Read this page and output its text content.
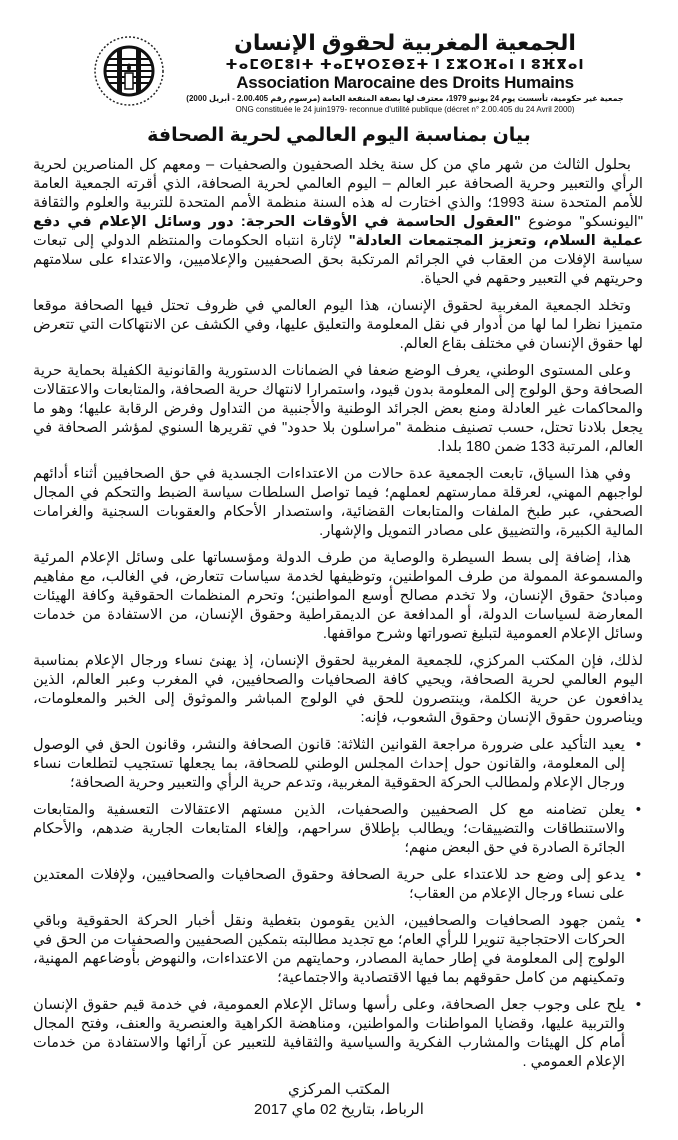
الجمعية المغربية لحقوق الإنسان
ⵜⴰⵎⵙⵎⵓⵏⵜ ⵜⴰⵎⵖⵔⵉⴱⵉⵜ ⵏ ⵉⵣⵔⴼⴰⵏ ⵏ ⵓⴼⴳⴰⵏ
Association Marocaine des Droits Humains
جمعية غير حكومية، تأسست يوم 24 يونيو 1979، معترف لها بصفة المنفعة العامة (مرسوم رقم 2.00.405 - أبريل 2000)
ONG constituée le 24 juin1979- reconnue d'utilité publique (décret n° 2.00.405 du 24 Avril 2000)
بيان بمناسبة اليوم العالمي لحرية الصحافة

بحلول الثالث من شهر ماي من كل سنة يخلد الصحفيون والصحفيات – ومعهم كل المناصرين لحرية الرأي والتعبير وحرية الصحافة عبر العالم – اليوم العالمي لحرية الصحافة، الذي أقرته الجمعية العامة للأمم المتحدة سنة 1993؛ والذي اختارت له هذه السنة منظمة الأمم المتحدة للتربية والعلوم والثقافة "اليونسكو" موضوع "العقول الحاسمة في الأوقات الحرجة: دور وسائل الإعلام في دفع عملية السلام، وتعزيز المجتمعات العادلة" لإثارة انتباه الحكومات والمنتظم الدولي إلى تبعات سياسة الإفلات من العقاب في الجرائم المرتكبة بحق الصحفيين والإعلاميين، والاعتداء على سلامتهم وحريتهم في التعبير وحقهم في الحياة.

وتخلد الجمعية المغربية لحقوق الإنسان، هذا اليوم العالمي في ظروف تحتل فيها الصحافة موقعا متميزا نظرا لما لها من أدوار في نقل المعلومة والتعليق عليها، وفي الكشف عن الانتهاكات التي تتعرض لها حقوق الإنسان في مختلف بقاع العالم.

وعلى المستوى الوطني، يعرف الوضع ضعفا في الضمانات الدستورية والقانونية الكفيلة بحماية حرية الصحافة وحق الولوج إلى المعلومة بدون قيود، واستمرارا لانتهاك حرية الصحافة، والمتابعات والاعتقالات والمحاكمات غير العادلة ومنع بعض الجرائد الوطنية والأجنبية من التداول وفرض الرقابة عليها؛ وهو ما يجعل بلادنا تحتل، حسب تصنيف منظمة "مراسلون بلا حدود" في تقريرها السنوي لمؤشر الصحافة في العالم، المرتبة 133 ضمن 180 بلدا.

وفي هذا السياق، تابعت الجمعية عدة حالات من الاعتداءات الجسدية في حق الصحافيين أثناء أدائهم لواجبهم المهني، لعرقلة ممارستهم لعملهم؛ فيما تواصل السلطات سياسة الضبط والتحكم في المجال الصحفي، عبر طبخ الملفات والمتابعات القضائية، واستصدار الأحكام والعقوبات السجنية والغرامات المالية الكبيرة، والتضييق على مصادر التمويل والإشهار.

هذا، إضافة إلى بسط السيطرة والوصاية من طرف الدولة ومؤسساتها على وسائل الإعلام المرئية والمسموعة الممولة من طرف المواطنين، وتوظيفها لخدمة سياسات تتعارض، في الغالب، مع مفاهيم ومبادئ حقوق الإنسان، ولا تخدم مصالح أوسع المواطنين؛ وتحرم المنظمات الحقوقية وكافة الهيئات المعارضة لسياسات الدولة، أو المدافعة عن الديمقراطية وحقوق الإنسان، من الاستفادة من خدمات وسائل الإعلام العمومية لتبليغ تصوراتها وشرح مواقفها.

لذلك، فإن المكتب المركزي، للجمعية المغربية لحقوق الإنسان، إذ يهنئ نساء ورجال الإعلام بمناسبة اليوم العالمي لحرية الصحافة، ويحيي كافة الصحافيات والصحافيين، في المغرب وعبر العالم، الذين يدافعون عن حرية الكلمة، وينتصرون للحق في الولوج المباشر والموثوق إلى الخبر والمعلومات، ويناصرون حقوق الإنسان وحقوق الشعوب، فإنه:

• يعيد التأكيد على ضرورة مراجعة القوانين الثلاثة: قانون الصحافة والنشر، وقانون الحق في الوصول إلى المعلومة، والقانون حول إحداث المجلس الوطني للصحافة، بما يجعلها تستجيب لتطلعات نساء ورجال الإعلام ولمطالب الحركة الحقوقية المغربية، وتدعم حرية الرأي والتعبير وحرية الصحافة؛
• يعلن تضامنه مع كل الصحفيين والصحفيات، الذين مستهم الاعتقالات التعسفية والمتابعات والاستنطاقات والتضييقات؛ ويطالب بإطلاق سراحهم، وإلغاء المتابعات الجارية ضدهم، والأحكام الجائرة الصادرة في حق البعض منهم؛
• يدعو إلى وضع حد للاعتداء على حرية الصحافة وحقوق الصحافيات والصحافيين، ولإفلات المعتدين على نساء ورجال الإعلام من العقاب؛
• يثمن جهود الصحافيات والصحافيين، الذين يقومون بتغطية ونقل أخبار الحركة الحقوقية وباقي الحركات الاحتجاجية تنويرا للرأي العام؛ مع تجديد مطالبته بتمكين الصحفيين والصحفيات من الحق في الولوج إلى المعلومة في إطار حماية المصادر، وحمايتهم من الاعتداءات، والنهوض بأوضاعهم المهنية، وتمكينهم من كامل حقوقهم بما فيها الاقتصادية والاجتماعية؛
• يلح على وجوب جعل الصحافة، وعلى رأسها وسائل الإعلام العمومية، في خدمة قيم حقوق الإنسان والتربية عليها، وقضايا المواطنات والمواطنين، ومناهضة الكراهية والعنصرية والعنف، وفتح المجال أمام كل الهيئات والمشارب الفكرية والسياسية والثقافية للتعبير عن آرائها والاستفادة من خدمات الإعلام العمومي .
المكتب المركزي
الرباط، بتاريخ 02 ماي 2017
